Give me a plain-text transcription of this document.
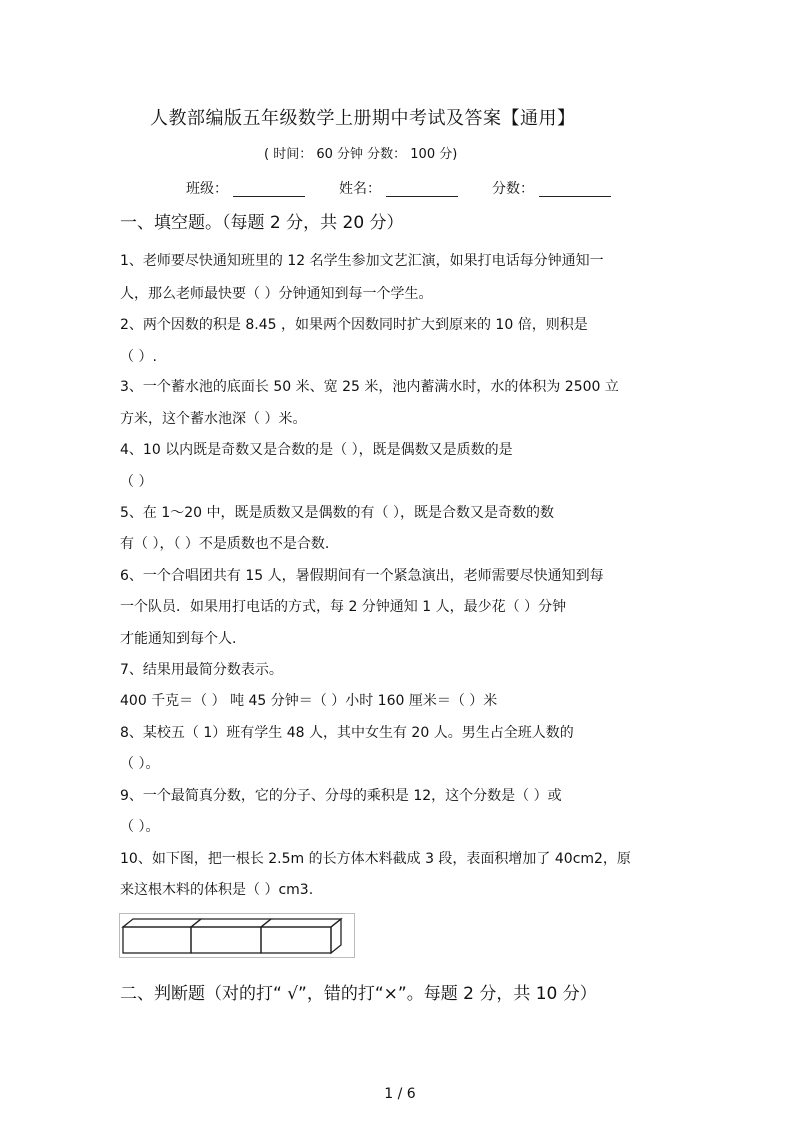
人教部编版五年级数学上册期中考试及答案【通用】
( 时间： 60 分钟 分数： 100 分)
班级：	姓名：	分数：
一、填空题。（每题 2 分，共 20 分）
1、老师要尽快通知班里的 12 名学生参加文艺汇演，如果打电话每分钟通知一
人，那么老师最快要（ ）分钟通知到每一个学生。
2、两个因数的积是 8.45 ，如果两个因数同时扩大到原来的 10 倍，则积是
（ ）.
3、一个蓄水池的底面长 50 米、宽 25 米，池内蓄满水时，水的体积为 2500 立
方米，这个蓄水池深（ ）米。
4、10 以内既是奇数又是合数的是（ ），既是偶数又是质数的是
（ ）
5、在 1～20 中，既是质数又是偶数的有（ ），既是合数又是奇数的数
有（ ），（ ）不是质数也不是合数.
6、一个合唱团共有 15 人，暑假期间有一个紧急演出，老师需要尽快通知到每
一个队员．如果用打电话的方式，每 2 分钟通知 1 人，最少花（ ）分钟
才能通知到每个人.
7、结果用最简分数表示。
400 千克＝（ ） 吨 45 分钟＝（ ）小时 160 厘米＝（ ）米
8、某校五（ 1）班有学生 48 人，其中女生有 20 人。男生占全班人数的
（ ）。
9、一个最简真分数，它的分子、分母的乘积是 12，这个分数是（ ）或
（ ）。
10、如下图，把一根长 2.5m 的长方体木料截成 3 段，表面积增加了 40cm2，原
来这根木料的体积是（ ）cm3.
二、判断题（对的打“ √”，错的打“×”。每题 2 分，共 10 分）
1 / 6
